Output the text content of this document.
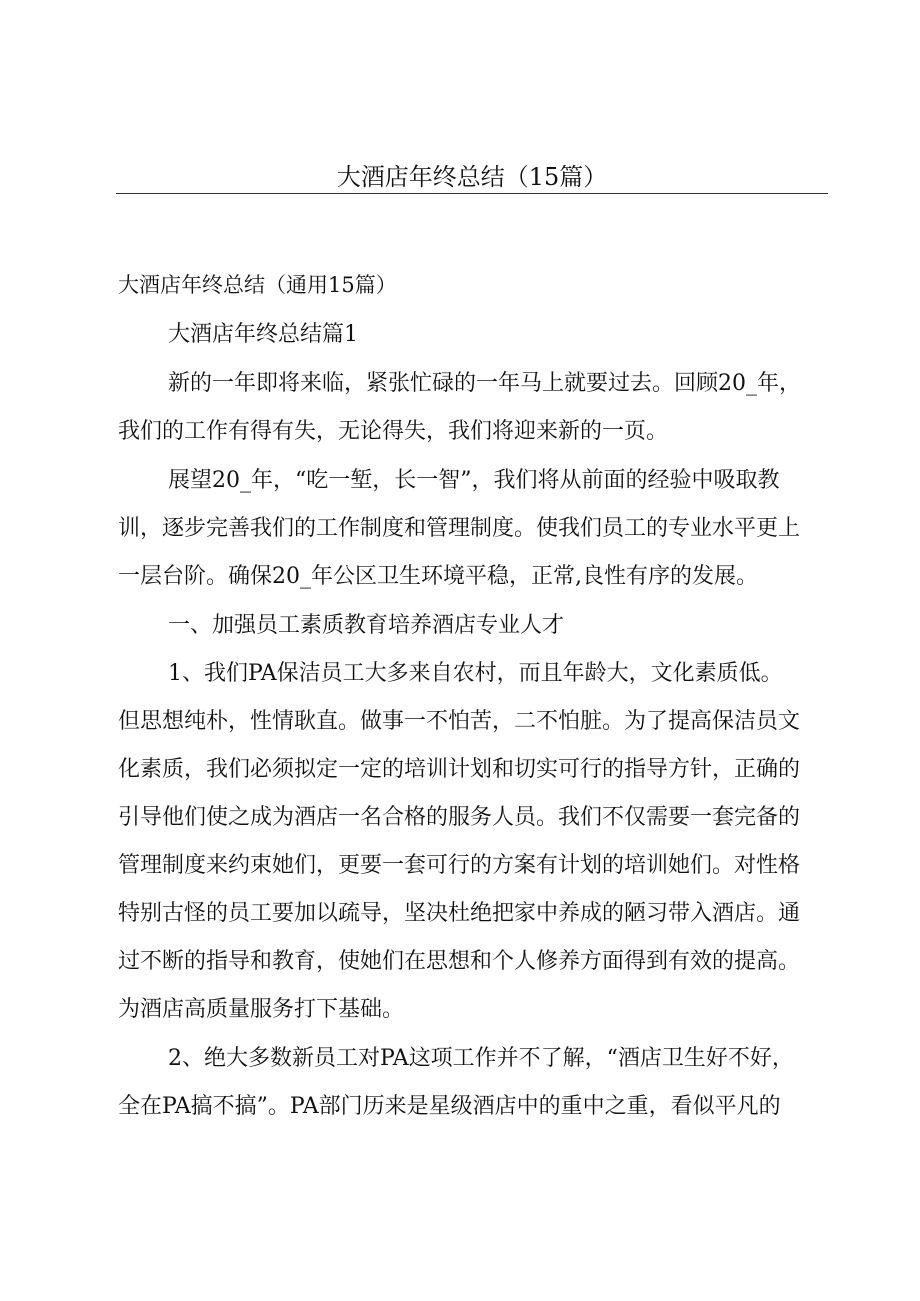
大酒店年终总结（15篇）
大酒店年终总结（通用15篇）
大酒店年终总结篇1
新的一年即将来临，紧张忙碌的一年马上就要过去。回顾20_年，
我们的工作有得有失，无论得失，我们将迎来新的一页。
展望20_年，“吃一堑，长一智”，我们将从前面的经验中吸取教
训，逐步完善我们的工作制度和管理制度。使我们员工的专业水平更上
一层台阶。确保20_年公区卫生环境平稳，正常,良性有序的发展。
一、加强员工素质教育培养酒店专业人才
1、我们PA保洁员工大多来自农村，而且年龄大，文化素质低。
但思想纯朴，性情耿直。做事一不怕苦，二不怕脏。为了提高保洁员文
化素质，我们必须拟定一定的培训计划和切实可行的指导方针，正确的
引导他们使之成为酒店一名合格的服务人员。我们不仅需要一套完备的
管理制度来约束她们，更要一套可行的方案有计划的培训她们。对性格
特别古怪的员工要加以疏导，坚决杜绝把家中养成的陋习带入酒店。通
过不断的指导和教育，使她们在思想和个人修养方面得到有效的提高。
为酒店高质量服务打下基础。
2、绝大多数新员工对PA这项工作并不了解，“酒店卫生好不好，
全在PA搞不搞”。PA部门历来是星级酒店中的重中之重，看似平凡的
